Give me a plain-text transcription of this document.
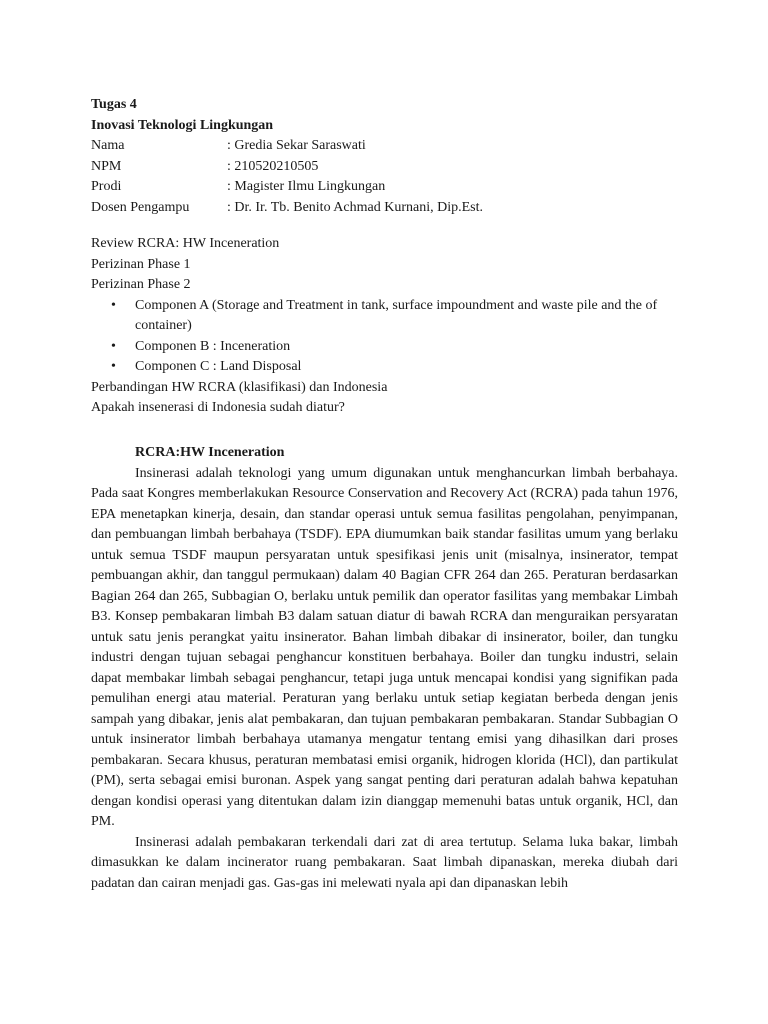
Tugas 4
Inovasi Teknologi Lingkungan
Nama	: Gredia Sekar Saraswati
NPM	: 210520210505
Prodi	: Magister Ilmu Lingkungan
Dosen Pengampu	: Dr. Ir. Tb. Benito Achmad Kurnani, Dip.Est.
Review RCRA: HW Inceneration
Perizinan Phase 1
Perizinan Phase 2
• Componen A (Storage and Treatment in tank, surface impoundment and waste pile and the of container)
• Componen B : Inceneration
• Componen C : Land Disposal
Perbandingan HW RCRA (klasifikasi) dan Indonesia
Apakah insenerasi di Indonesia sudah diatur?
RCRA:HW Inceneration

Insinerasi adalah teknologi yang umum digunakan untuk menghancurkan limbah berbahaya. Pada saat Kongres memberlakukan Resource Conservation and Recovery Act (RCRA) pada tahun 1976, EPA menetapkan kinerja, desain, dan standar operasi untuk semua fasilitas pengolahan, penyimpanan, dan pembuangan limbah berbahaya (TSDF). EPA diumumkan baik standar fasilitas umum yang berlaku untuk semua TSDF maupun persyaratan untuk spesifikasi jenis unit (misalnya, insinerator, tempat pembuangan akhir, dan tanggul permukaan) dalam 40 Bagian CFR 264 dan 265. Peraturan berdasarkan Bagian 264 dan 265, Subbagian O, berlaku untuk pemilik dan operator fasilitas yang membakar Limbah B3. Konsep pembakaran limbah B3 dalam satuan diatur di bawah RCRA dan menguraikan persyaratan untuk satu jenis perangkat yaitu insinerator. Bahan limbah dibakar di insinerator, boiler, dan tungku industri dengan tujuan sebagai penghancur konstituen berbahaya. Boiler dan tungku industri, selain dapat membakar limbah sebagai penghancur, tetapi juga untuk mencapai kondisi yang signifikan pada pemulihan energi atau material. Peraturan yang berlaku untuk setiap kegiatan berbeda dengan jenis sampah yang dibakar, jenis alat pembakaran, dan tujuan pembakaran pembakaran. Standar Subbagian O untuk insinerator limbah berbahaya utamanya mengatur tentang emisi yang dihasilkan dari proses pembakaran. Secara khusus, peraturan membatasi emisi organik, hidrogen klorida (HCl), dan partikulat (PM), serta sebagai emisi buronan. Aspek yang sangat penting dari peraturan adalah bahwa kepatuhan dengan kondisi operasi yang ditentukan dalam izin dianggap memenuhi batas untuk organik, HCl, dan PM.

Insinerasi adalah pembakaran terkendali dari zat di area tertutup. Selama luka bakar, limbah dimasukkan ke dalam incinerator ruang pembakaran. Saat limbah dipanaskan, mereka diubah dari padatan dan cairan menjadi gas. Gas-gas ini melewati nyala api dan dipanaskan lebih
